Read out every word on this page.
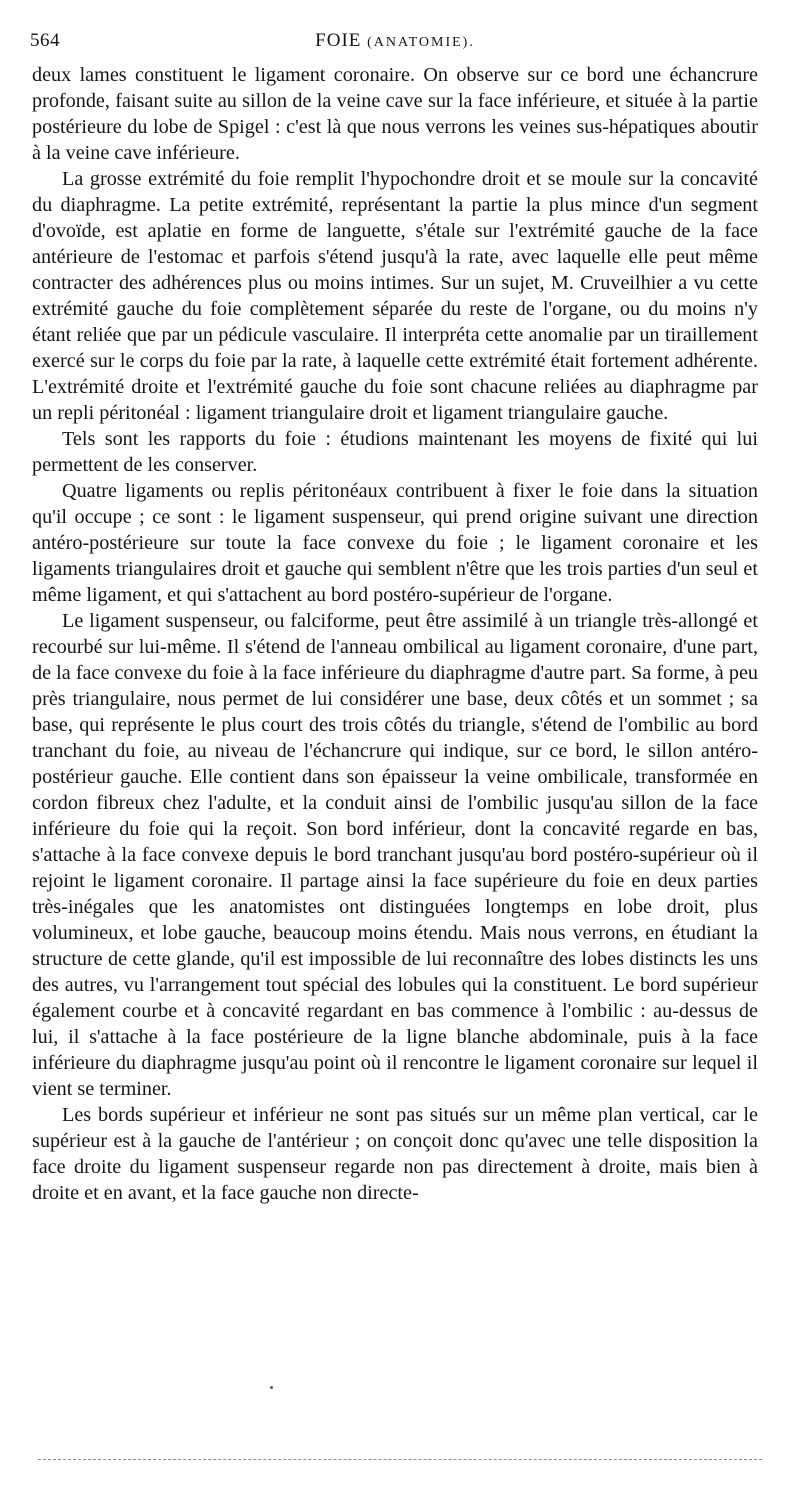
564	FOIE (ANATOMIE).

deux lames constituent le ligament coronaire. On observe sur ce bord une échancrure profonde, faisant suite au sillon de la veine cave sur la face inférieure, et située à la partie postérieure du lobe de Spigel : c'est là que nous verrons les veines sus-hépatiques aboutir à la veine cave inférieure.

La grosse extrémité du foie remplit l'hypochondre droit et se moule sur la concavité du diaphragme. La petite extrémité, représentant la partie la plus mince d'un segment d'ovoïde, est aplatie en forme de languette, s'étale sur l'extrémité gauche de la face antérieure de l'estomac et parfois s'étend jusqu'à la rate, avec laquelle elle peut même contracter des adhérences plus ou moins intimes. Sur un sujet, M. Cruveilhier a vu cette extrémité gauche du foie complètement séparée du reste de l'organe, ou du moins n'y étant reliée que par un pédicule vasculaire. Il interpréta cette anomalie par un tiraillement exercé sur le corps du foie par la rate, à laquelle cette extrémité était fortement adhérente. L'extrémité droite et l'extrémité gauche du foie sont chacune reliées au diaphragme par un repli péritonéal : ligament triangulaire droit et ligament triangulaire gauche.

Tels sont les rapports du foie : étudions maintenant les moyens de fixité qui lui permettent de les conserver.

Quatre ligaments ou replis péritonéaux contribuent à fixer le foie dans la situation qu'il occupe ; ce sont : le ligament suspenseur, qui prend origine suivant une direction antéro-postérieure sur toute la face convexe du foie ; le ligament coronaire et les ligaments triangulaires droit et gauche qui semblent n'être que les trois parties d'un seul et même ligament, et qui s'attachent au bord postéro-supérieur de l'organe.

Le ligament suspenseur, ou falciforme, peut être assimilé à un triangle très-allongé et recourbé sur lui-même. Il s'étend de l'anneau ombilical au ligament coronaire, d'une part, de la face convexe du foie à la face inférieure du diaphragme d'autre part. Sa forme, à peu près triangulaire, nous permet de lui considérer une base, deux côtés et un sommet ; sa base, qui représente le plus court des trois côtés du triangle, s'étend de l'ombilic au bord tranchant du foie, au niveau de l'échancrure qui indique, sur ce bord, le sillon antéro-postérieur gauche. Elle contient dans son épaisseur la veine ombilicale, transformée en cordon fibreux chez l'adulte, et la conduit ainsi de l'ombilic jusqu'au sillon de la face inférieure du foie qui la reçoit. Son bord inférieur, dont la concavité regarde en bas, s'attache à la face convexe depuis le bord tranchant jusqu'au bord postéro-supérieur où il rejoint le ligament coronaire. Il partage ainsi la face supérieure du foie en deux parties très-inégales que les anatomistes ont distinguées longtemps en lobe droit, plus volumineux, et lobe gauche, beaucoup moins étendu. Mais nous verrons, en étudiant la structure de cette glande, qu'il est impossible de lui reconnaître des lobes distincts les uns des autres, vu l'arrangement tout spécial des lobules qui la constituent. Le bord supérieur également courbe et à concavité regardant en bas commence à l'ombilic : au-dessus de lui, il s'attache à la face postérieure de la ligne blanche abdominale, puis à la face inférieure du diaphragme jusqu'au point où il rencontre le ligament coronaire sur lequel il vient se terminer.

Les bords supérieur et inférieur ne sont pas situés sur un même plan vertical, car le supérieur est à la gauche de l'antérieur ; on conçoit donc qu'avec une telle disposition la face droite du ligament suspenseur regarde non pas directement à droite, mais bien à droite et en avant, et la face gauche non directe-
